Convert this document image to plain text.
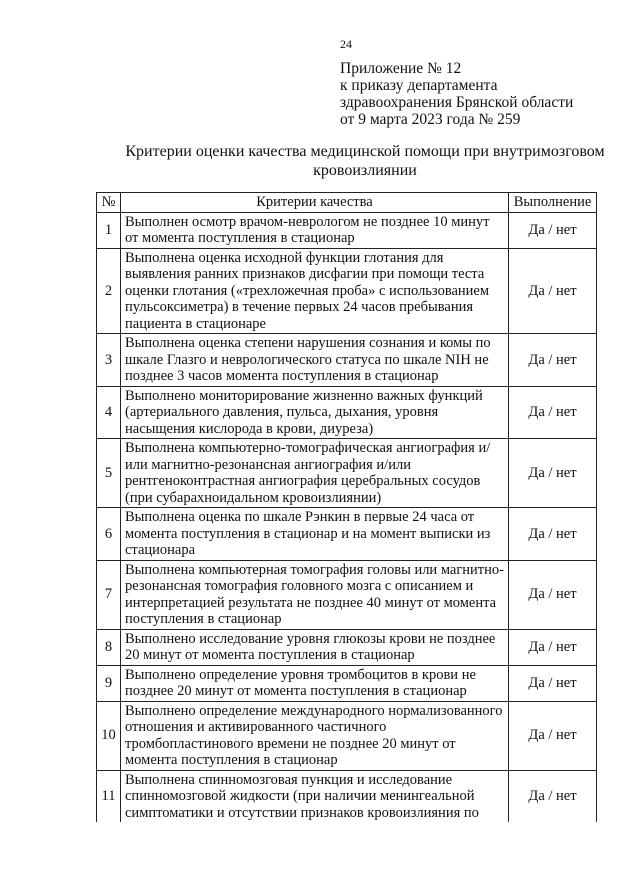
24
Приложение № 12
к приказу департамента
здравоохранения Брянской области
от 9 марта 2023 года № 259
Критерии оценки качества медицинской помощи при внутримозговом
кровоизлиянии
№	Критерии качества	Выполнение
1	Выполнен осмотр врачом-неврологом не позднее 10 минут от момента поступления в стационар	Да / нет
2	Выполнена оценка исходной функции глотания для выявления ранних признаков дисфагии при помощи теста оценки глотания («трехложечная проба» с использованием пульсоксиметра) в течение первых 24 часов пребывания пациента в стационаре	Да / нет
3	Выполнена оценка степени нарушения сознания и комы по шкале Глазго и неврологического статуса по шкале NIH не позднее 3 часов момента поступления в стационар	Да / нет
4	Выполнено мониторирование жизненно важных функций (артериального давления, пульса, дыхания, уровня насыщения кислорода в крови, диуреза)	Да / нет
5	Выполнена компьютерно-томографическая ангиография и/или магнитно-резонансная ангиография и/или рентгеноконтрастная ангиография церебральных сосудов (при субарахноидальном кровоизлиянии)	Да / нет
6	Выполнена оценка по шкале Рэнкин в первые 24 часа от момента поступления в стационар и на момент выписки из стационара	Да / нет
7	Выполнена компьютерная томография головы или магнитно-резонансная томография головного мозга с описанием и интерпретацией результата не позднее 40 минут от момента поступления в стационар	Да / нет
8	Выполнено исследование уровня глюкозы крови не позднее 20 минут от момента поступления в стационар	Да / нет
9	Выполнено определение уровня тромбоцитов в крови не позднее 20 минут от момента поступления в стационар	Да / нет
10	Выполнено определение международного нормализованного отношения и активированного частичного тромбопластинового времени не позднее 20 минут от момента поступления в стационар	Да / нет
11	Выполнена спинномозговая пункция и исследование спинномозговой жидкости (при наличии менингеальной симптоматики и отсутствии признаков кровоизлияния по	Да / нет
